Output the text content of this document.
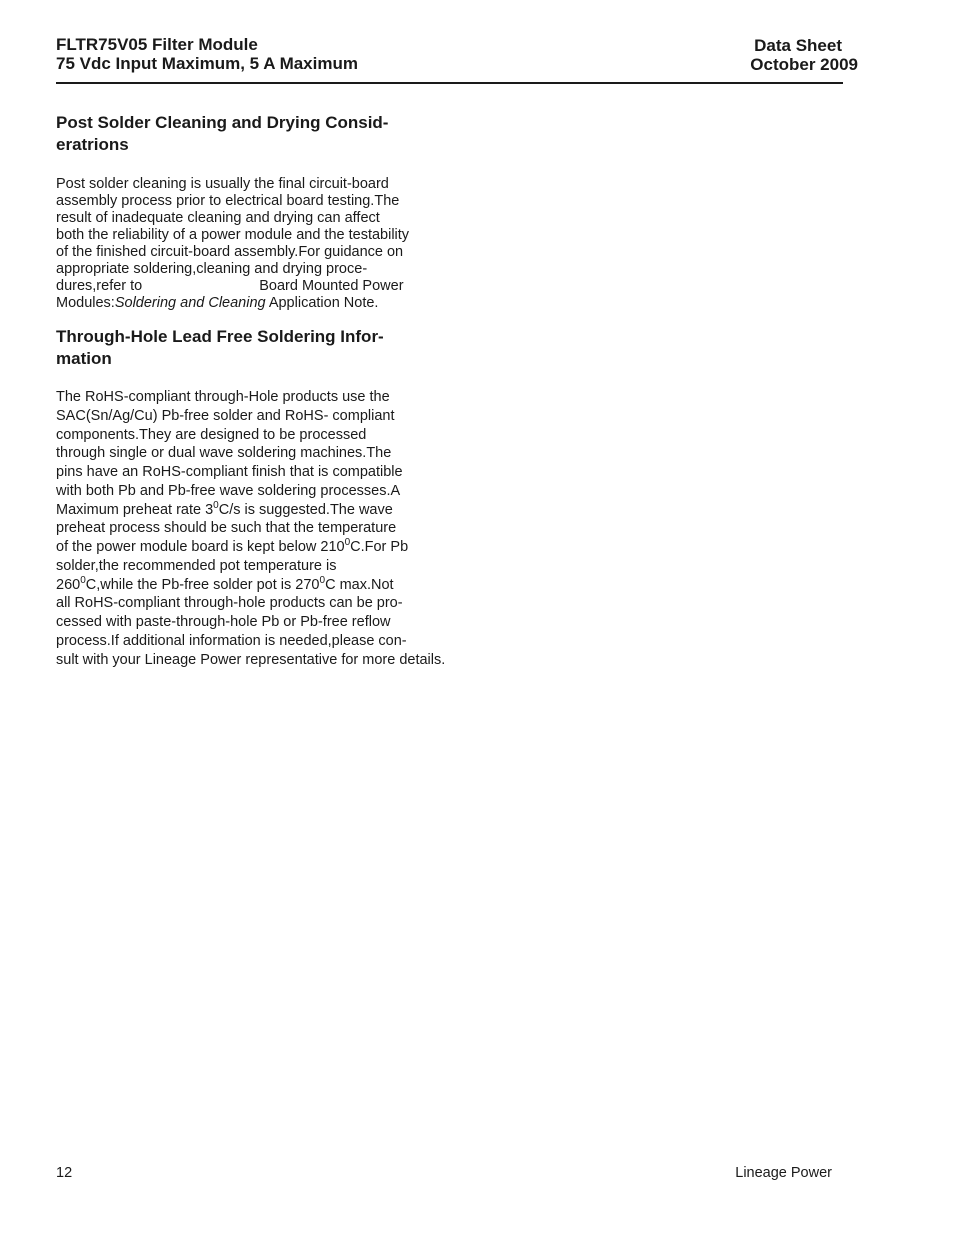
FLTR75V05 Filter Module
75 Vdc Input Maximum, 5 A Maximum
Data Sheet
October 2009
Post Solder Cleaning and Drying Consid-
eratrions
Post solder cleaning is usually the final circuit-board
assembly process prior to electrical board testing.The
result of inadequate cleaning and drying can affect
both the reliability of a power module and the testability
of the finished circuit-board assembly.For guidance on
appropriate soldering,cleaning and drying proce-
dures,refer to	Board Mounted Power
Modules:Soldering and Cleaning Application Note.
Through-Hole Lead Free Soldering Infor-
mation
The RoHS-compliant through-Hole products use the
SAC(Sn/Ag/Cu) Pb-free solder and RoHS- compliant
components.They are designed to be processed
through single or dual wave soldering machines.The
pins have an RoHS-compliant finish that is compatible
with both Pb and Pb-free wave soldering processes.A
Maximum preheat rate $3^0C/s$ is suggested.The wave
preheat process should be such that the temperature
of the power module board is kept below $210^0C.For$ Pb
solder,the recommended pot temperature is
$260^0C,while$ the Pb-free solder pot is $270^0C$ max.Not
all RoHS-compliant through-hole products can be pro-
cessed with paste-through-hole Pb or Pb-free reflow
process.If additional information is needed,please con-
sult with your Lineage Power representative for more details.
12	Lineage Power
